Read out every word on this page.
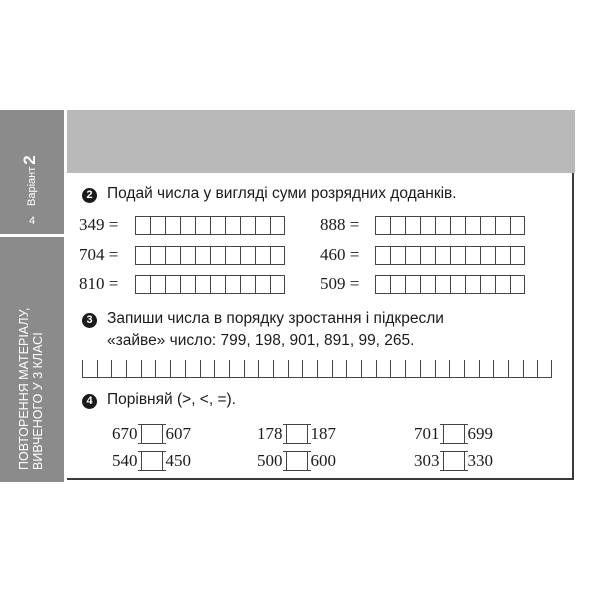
Варіант2
4
ПОВТОРЕННЯ МАТЕРІАЛУ, ВИВЧЕНОГО У 3 КЛАСІ
2 Подай числа у вигляді суми розрядних доданків.
349 =	888 =
704 =	460 =
810 =	509 =
3 Запиши числа в порядку зростання і підкресли
«зайве» число: 799, 198, 901, 891, 99, 265.
4 Порівняй (>, <, =).
670 607	178 187	701 699
540 450	500 600	303 330
